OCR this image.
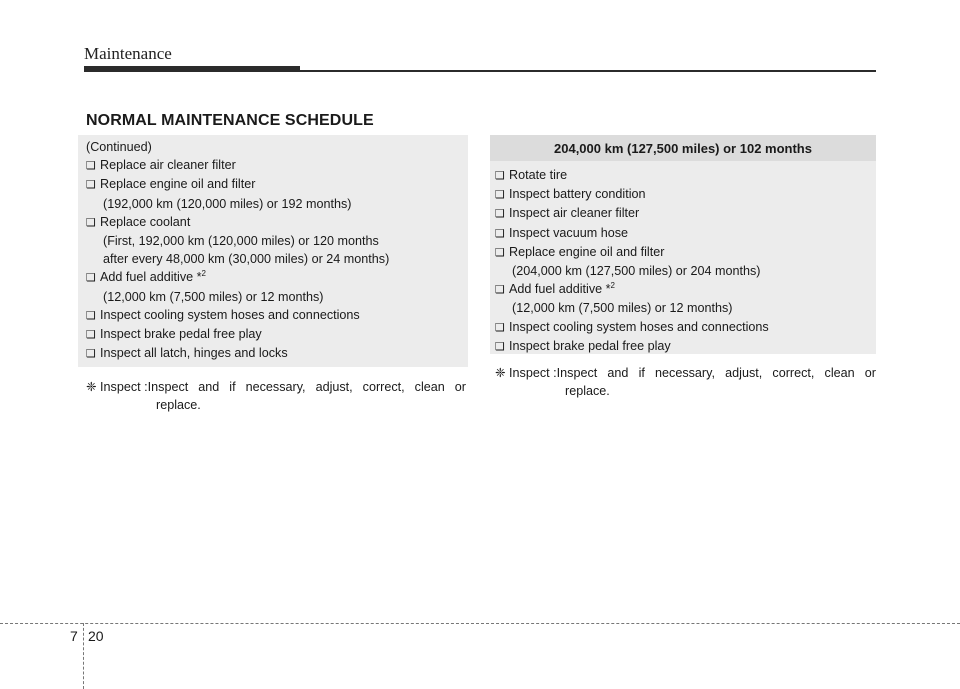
Maintenance
NORMAL MAINTENANCE SCHEDULE
(Continued)
❑ Replace air cleaner filter
❑ Replace engine oil and filter
(192,000 km (120,000 miles) or 192 months)
❑ Replace coolant
(First, 192,000 km (120,000 miles) or 120 months
after every 48,000 km (30,000 miles) or 24 months)
❑ Add fuel additive *$^2$
(12,000 km (7,500 miles) or 12 months)
❑ Inspect cooling system hoses and connections
❑ Inspect brake pedal free play
❑ Inspect all latch, hinges and locks
❈ Inspect : Inspect and if necessary, adjust, correct, clean or
replace.
204,000 km (127,500 miles) or 102 months
❑ Rotate tire
❑ Inspect battery condition
❑ Inspect air cleaner filter
❑ Inspect vacuum hose
❑ Replace engine oil and filter
(204,000 km (127,500 miles) or 204 months)
❑ Add fuel additive *$^2$
(12,000 km (7,500 miles) or 12 months)
❑ Inspect cooling system hoses and connections
❑ Inspect brake pedal free play
❈ Inspect : Inspect and if necessary, adjust, correct, clean or
replace.
7 20
